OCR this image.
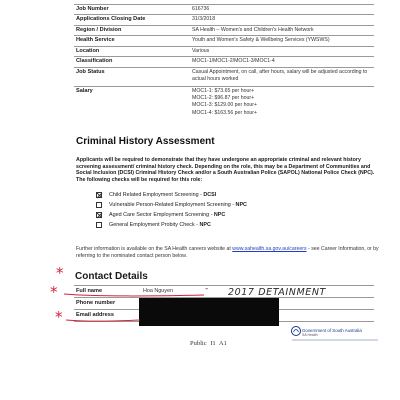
Job Number	616736
Applications Closing Date	31/3/2018
Region / Division	SA Health – Women's and Children's Health Network
Health Service	Youth and Women's Safety & Wellbeing Services (YWSWS)
Location	Various
Classification	MOC1-1/MOC1-2/MOC1-3/MOC1-4
Job Status	Casual Appointment, on call, after hours, salary will be adjusted according to actual hours worked
Salary	MOC1-1: $73.65 per hour+
MOC1-2: $96.87 per hour+
MOC1-3: $129.00 per hour+
MOC1-4: $163.56 per hour+
Criminal History Assessment
Applicants will be required to demonstrate that they have undergone an appropriate criminal and relevant history screening assessment/ criminal history check. Depending on the role, this may be a Department of Communities and Social Inclusion (DCSI) Criminal History Check and/or a South Australian Police (SAPOL) National Police Check (NPC). The following checks will be required for this role:
Child Related Employment Screening - DCSI
Vulnerable Person-Related Employment Screening - NPC
Aged Care Sector Employment Screening - NPC
General Employment Probity Check - NPC
Further information is available on the SA Health careers website at www.sahealth.sa.gov.au/careers - see Career Information, or by referring to the nominated contact person below.
Contact Details
Full name	Hoa Nguyen
Phone number
Email address
- 2017 DETAINMENT
*
*
*
Public I1 A1
Government of South Australia
SA Health
